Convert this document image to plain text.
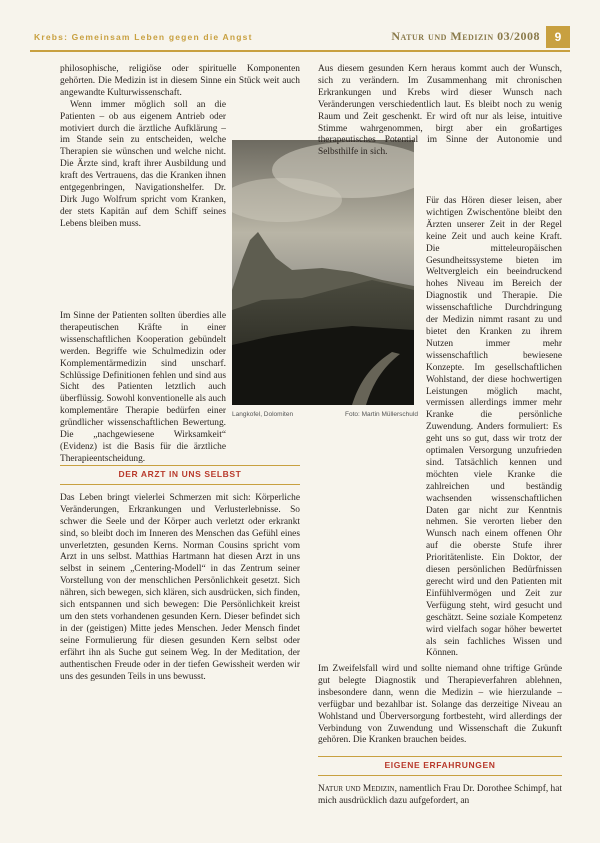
Krebs: Gemeinsam Leben gegen die Angst	Natur und Medizin 03/2008	9

philosophische, religiöse oder spirituelle Komponenten gehörten. Die Medizin ist in diesem Sinne ein Stück weit auch angewandte Kulturwissenschaft.

Wenn immer möglich soll an die Patienten – ob aus eigenem Antrieb oder motiviert durch die ärztliche Aufklärung – im Stande sein zu entscheiden, welche Therapien sie wünschen und welche nicht. Die Ärzte sind, kraft ihrer Ausbildung und kraft des Vertrauens, das die Kranken ihnen entgegenbringen, Navigationshelfer. Dr. Dirk Jugo Wolfrum spricht vom Kranken, der stets Kapitän auf dem Schiff seines Lebens bleiben muss.

Im Sinne der Patienten sollten überdies alle therapeutischen Kräfte in einer wissenschaftlichen Kooperation gebündelt werden. Begriffe wie Schulmedizin oder Komplementärmedizin sind unscharf. Schlüssige Definitionen fehlen und sind aus Sicht des Patienten letztlich auch überflüssig. Sowohl konventionelle als auch komplementäre Therapie bedürfen einer gründlicher wissenschaftlichen Bewertung. Die „nachgewiesene Wirksamkeit“ (Evidenz) ist die Basis für die ärztliche Therapieentscheidung.

DER ARZT IN UNS SELBST

Das Leben bringt vielerlei Schmerzen mit sich: Körperliche Veränderungen, Erkrankungen und Verlusterlebnisse. So schwer die Seele und der Körper auch verletzt oder erkrankt sind, so bleibt doch im Inneren des Menschen das Gefühl eines unverletzten, gesunden Kerns. Norman Cousins spricht vom Arzt in uns selbst. Matthias Hartmann hat diesen Arzt in uns selbst in seinem „Centering-Modell“ in das Zentrum seiner Vorstellung von der menschlichen Persönlichkeit gesetzt. Sich nähren, sich bewegen, sich klären, sich ausdrücken, sich finden, sich entspannen und sich bewegen: Die Persönlichkeit kreist um den stets vorhandenen gesunden Kern. Dieser befindet sich in der (geistigen) Mitte jedes Menschen. Jeder Mensch findet seine Formulierung für diesen gesunden Kern selbst oder erfährt ihn als Suche gut seinem Weg. In der Meditation, der authentischen Freude oder in der tiefen Gewissheit werden wir uns des gesunden Teils in uns bewusst.

Langkofel, Dolomiten	Foto: Martin Müllerschuld

Aus diesem gesunden Kern heraus kommt auch der Wunsch, sich zu verändern. Im Zusammenhang mit chronischen Erkrankungen und Krebs wird dieser Wunsch nach Veränderungen verschiedentlich laut. Es bleibt noch zu wenig Raum und Zeit geschenkt. Er wird oft nur als leise, intuitive Stimme wahrgenommen, birgt aber ein großartiges therapeutisches Potential im Sinne der Autonomie und Selbsthilfe in sich.

Für das Hören dieser leisen, aber wichtigen Zwischentöne bleibt den Ärzten unserer Zeit in der Regel keine Zeit und auch keine Kraft. Die mitteleuropäischen Gesundheitssysteme bieten im Weltvergleich ein beeindruckend hohes Niveau im Bereich der Diagnostik und Therapie. Die wissenschaftliche Durchdringung der Medizin nimmt rasant zu und bietet den Kranken zu ihrem Nutzen immer mehr wissenschaftlich bewiesene Konzepte. Im gesellschaftlichen Wohlstand, der diese hochwertigen Leistungen möglich macht, vermissen allerdings immer mehr Kranke die persönliche Zuwendung. Anders formuliert: Es geht uns so gut, dass wir trotz der optimalen Versorgung unzufrieden sind. Tatsächlich kennen und möchten viele Kranke die zahlreichen und beständig wachsenden wissenschaftlichen Daten gar nicht zur Kenntnis nehmen. Sie verorten lieber den Wunsch nach einem offenen Ohr auf die oberste Stufe ihrer Prioritätenliste. Ein Doktor, der diesen persönlichen Bedürfnissen gerecht wird und den Patienten mit Einfühlvermögen und Zeit zur Verfügung steht, wird gesucht und geschätzt. Seine soziale Kompetenz wird vielfach sogar höher bewertet als sein fachliches Wissen und Können.

Im Zweifelsfall wird und sollte niemand ohne triftige Gründe gut belegte Diagnostik und Therapieverfahren ablehnen, insbesondere dann, wenn die Medizin – wie hierzulande – verfügbar und bezahlbar ist. Solange das derzeitige Niveau an Wohlstand und Überversorgung fortbesteht, wird allerdings der Verbindung von Zuwendung und Wissenschaft die Zukunft gehören. Die Kranken brauchen beides.

EIGENE ERFAHRUNGEN

Natur und Medizin, namentlich Frau Dr. Dorothee Schimpf, hat mich ausdrücklich dazu aufgefordert, an
